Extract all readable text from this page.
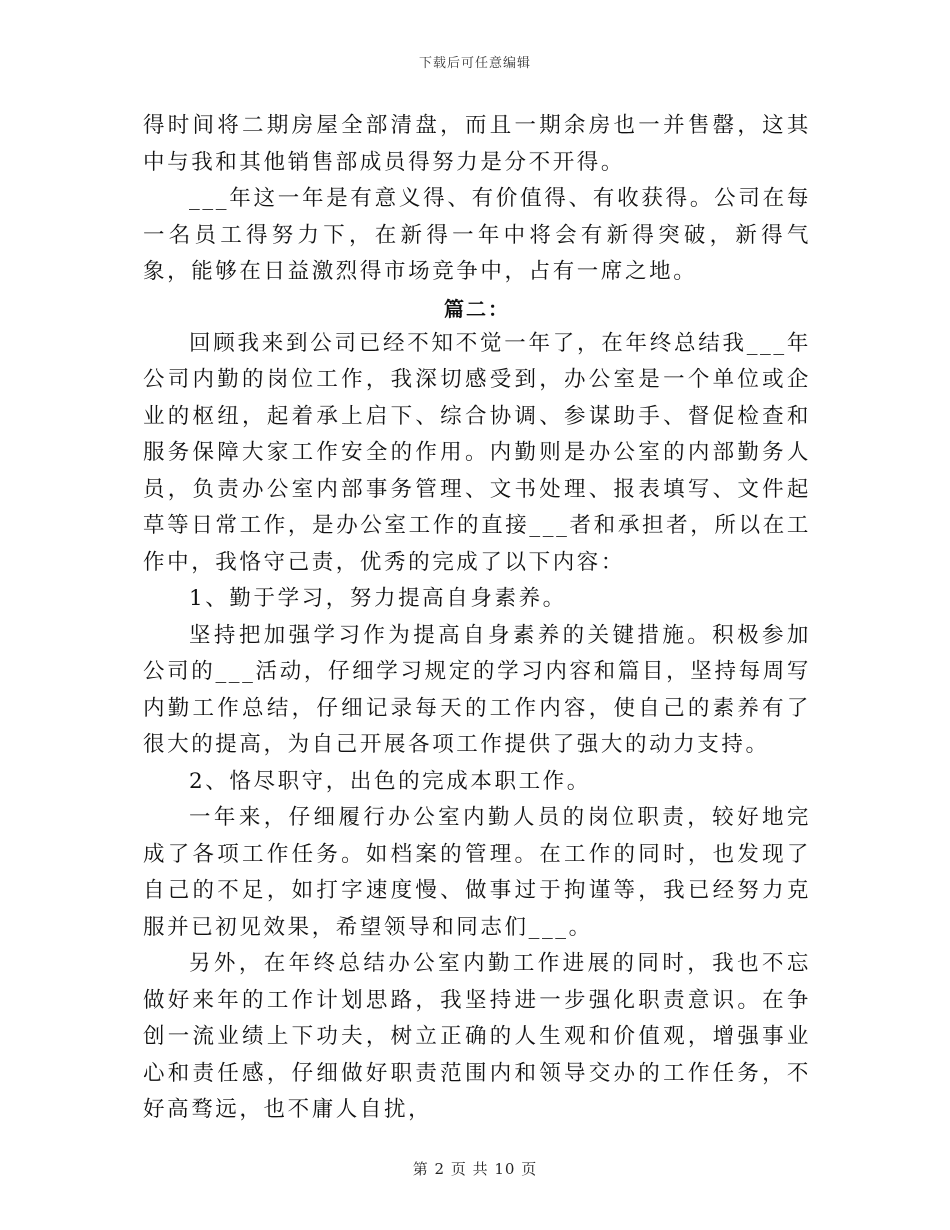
下载后可任意编辑

得时间将二期房屋全部清盘，而且一期余房也一并售罄，这其中与我和其他销售部成员得努力是分不开得。

___年这一年是有意义得、有价值得、有收获得。公司在每一名员工得努力下，在新得一年中将会有新得突破，新得气象，能够在日益激烈得市场竞争中，占有一席之地。

篇二：

回顾我来到公司已经不知不觉一年了，在年终总结我___年公司内勤的岗位工作，我深切感受到，办公室是一个单位或企业的枢纽，起着承上启下、综合协调、参谋助手、督促检查和服务保障大家工作安全的作用。内勤则是办公室的内部勤务人员，负责办公室内部事务管理、文书处理、报表填写、文件起草等日常工作，是办公室工作的直接___者和承担者，所以在工作中，我恪守己责，优秀的完成了以下内容：

1、勤于学习，努力提高自身素养。

坚持把加强学习作为提高自身素养的关键措施。积极参加公司的___活动，仔细学习规定的学习内容和篇目，坚持每周写内勤工作总结，仔细记录每天的工作内容，使自己的素养有了很大的提高，为自己开展各项工作提供了强大的动力支持。

2、恪尽职守，出色的完成本职工作。

一年来，仔细履行办公室内勤人员的岗位职责，较好地完成了各项工作任务。如档案的管理。在工作的同时，也发现了自己的不足，如打字速度慢、做事过于拘谨等，我已经努力克服并已初见效果，希望领导和同志们___。

另外，在年终总结办公室内勤工作进展的同时，我也不忘做好来年的工作计划思路，我坚持进一步强化职责意识。在争创一流业绩上下功夫，树立正确的人生观和价值观，增强事业心和责任感，仔细做好职责范围内和领导交办的工作任务，不好高骛远，也不庸人自扰，

第 2 页 共 10 页
